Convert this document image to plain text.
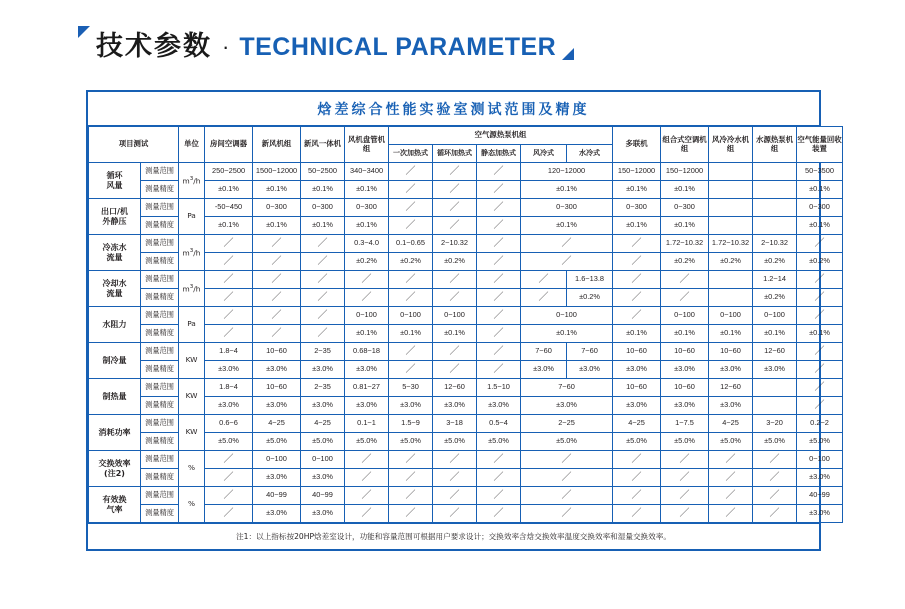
技术参数 · TECHNICAL PARAMETER
焓差综合性能实验室测试范围及精度
项目测试		单位	房间空调器	新风机组	新风一体机	风机盘管机组	空气源热泵机组					多联机	组合式空调机组	风冷冷水机组	水源热泵机组	空气能量回收装置
							一次加热式	循环加热式	静态加热式	风冷式	水冷式					
循环
风量	测量范围	$m^3/h$	250~2500	1500~12000	50~2500	340~3400	／	／	／	120~12000		150~12000	150~12000			50~3500
	测量精度		±0.1%	±0.1%	±0.1%	±0.1%	／	／	／	±0.1%		±0.1%	±0.1%			±0.1%
出口/机
外静压	测量范围	Pa	-50~450	0~300	0~300	0~300	／	／	／	0~300		0~300	0~300			0~300
	测量精度		±0.1%	±0.1%	±0.1%	±0.1%	／	／	／	±0.1%		±0.1%	±0.1%			±0.1%
冷冻水
流量	测量范围	$m^3/h$	／	／	／	0.3~4.0	0.1~0.65	2~10.32	／	／		／	1.72~10.32	1.72~10.32	2~10.32	／
	测量精度		／	／	／	±0.2%	±0.2%	±0.2%	／	／		／	±0.2%	±0.2%	±0.2%	±0.2%
冷却水
流量	测量范围	$m^3/h$	／	／	／	／	／	／	／	／	1.6~13.8	／	／		1.2~14	／
	测量精度		／	／	／	／	／	／	／	／	±0.2%	／	／		±0.2%	／
水阻力	测量范围	Pa	／	／	／	0~100	0~100	0~100	／	0~100		／	0~100	0~100	0~100	／
	测量精度		／	／	／	±0.1%	±0.1%	±0.1%	／	±0.1%		±0.1%	±0.1%	±0.1%	±0.1%	±0.1%
制冷量	测量范围	KW	1.8~4	10~60	2~35	0.68~18	／	／	／	7~60	7~60	10~60	10~60	10~60	12~60	／
	测量精度		±3.0%	±3.0%	±3.0%	±3.0%	／	／	／	±3.0%	±3.0%	±3.0%	±3.0%	±3.0%	±3.0%	／
制热量	测量范围	KW	1.8~4	10~60	2~35	0.81~27	5~30	12~60	1.5~10	7~60		10~60	10~60	12~60		／
	测量精度		±3.0%	±3.0%	±3.0%	±3.0%	±3.0%	±3.0%	±3.0%	±3.0%		±3.0%	±3.0%	±3.0%		／
消耗功率	测量范围	KW	0.6~6	4~25	4~25	0.1~1	1.5~9	3~18	0.5~4	2~25		4~25	1~7.5	4~25	3~20	0.2~2
	测量精度		±5.0%	±5.0%	±5.0%	±5.0%	±5.0%	±5.0%	±5.0%	±5.0%		±5.0%	±5.0%	±5.0%	±5.0%	±5.0%
交换效率
(注2)	测量范围	%	／	0~100	0~100	／	／	／	／	／		／	／	／	／	0~100
	测量精度		／	±3.0%	±3.0%	／	／	／	／	／		／	／	／	／	±3.0%
有效换
气率	测量范围	%	／	40~99	40~99	／	／	／	／	／		／	／	／	／	40~99
	测量精度		／	±3.0%	±3.0%	／	／	／	／	／		／	／	／	／	±3.0%
注1：以上指标按20HP焓差室设计，功能和容量范围可根据用户要求设计；交换效率含焓交换效率温度交换效率和湿量交换效率。
